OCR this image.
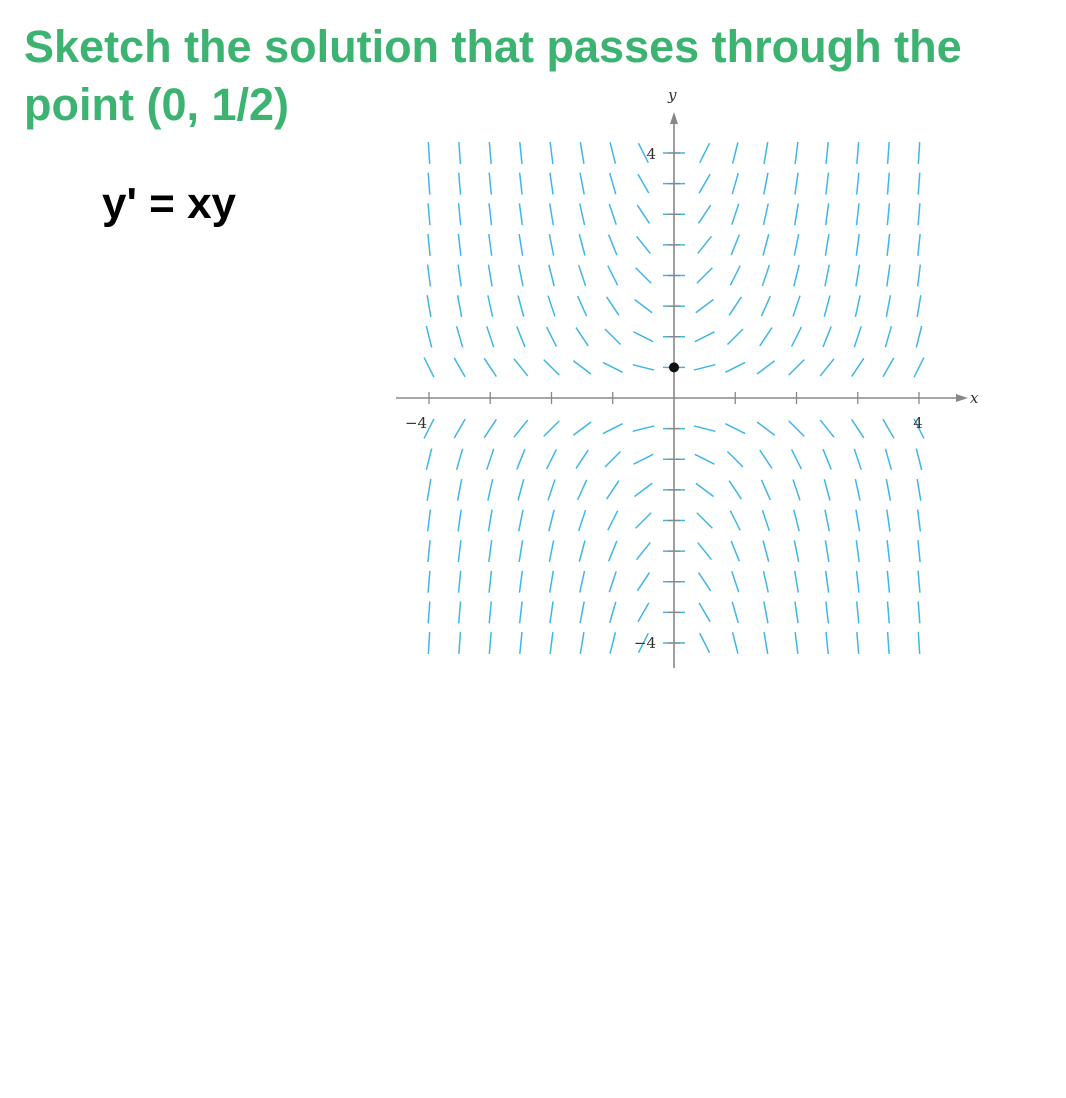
Sketch the solution that passes through the point (0, 1/2)
y' = xy
x
y
−4	4
4
−4
